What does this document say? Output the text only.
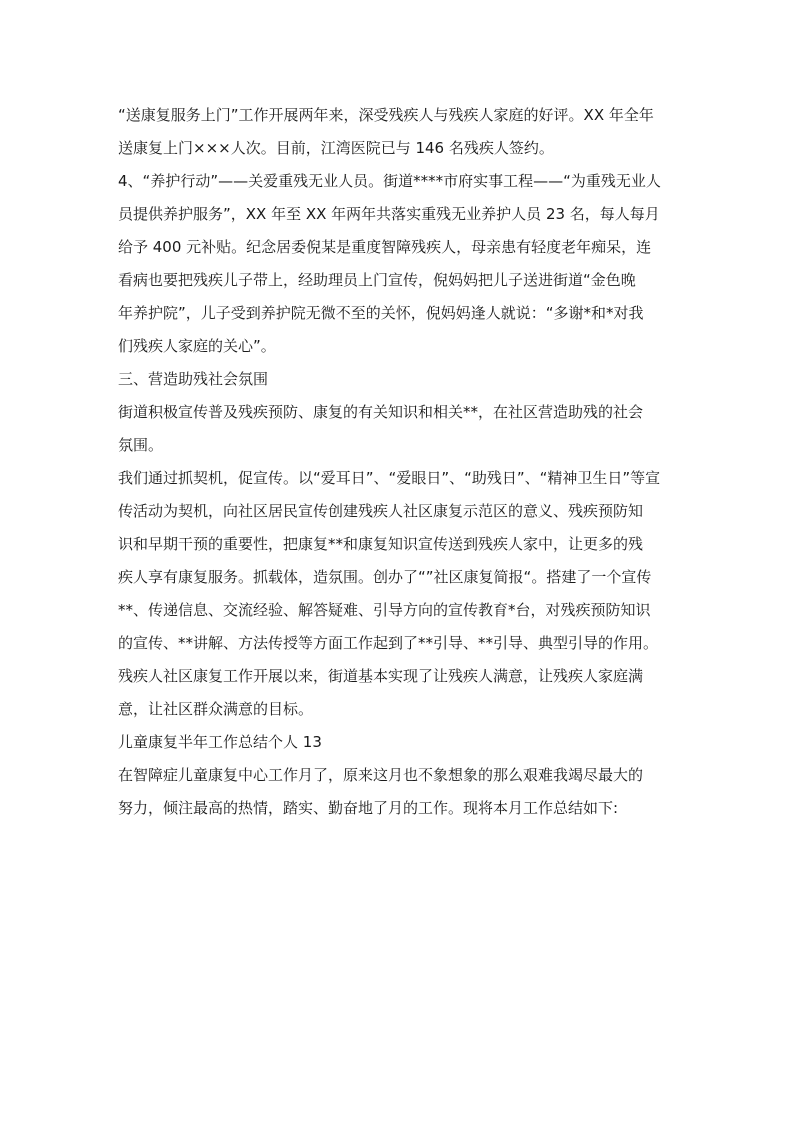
“送康复服务上门”工作开展两年来，深受残疾人与残疾人家庭的好评。XX 年全年

送康复上门×××人次。目前，江湾医院已与 146 名残疾人签约。

4、“养护行动”——关爱重残无业人员。街道****市府实事工程——“为重残无业人

员提供养护服务”，XX 年至 XX 年两年共落实重残无业养护人员 23 名，每人每月

给予 400 元补贴。纪念居委倪某是重度智障残疾人，母亲患有轻度老年痴呆，连

看病也要把残疾儿子带上，经助理员上门宣传，倪妈妈把儿子送进街道“金色晚

年养护院”，儿子受到养护院无微不至的关怀，倪妈妈逢人就说：“多谢*和*对我

们残疾人家庭的关心”。

三、营造助残社会氛围

街道积极宣传普及残疾预防、康复的有关知识和相关**，在社区营造助残的社会

氛围。

我们通过抓契机，促宣传。以“爱耳日”、“爱眼日”、“助残日”、“精神卫生日”等宣

传活动为契机，向社区居民宣传创建残疾人社区康复示范区的意义、残疾预防知

识和早期干预的重要性，把康复**和康复知识宣传送到残疾人家中，让更多的残

疾人享有康复服务。抓载体，造氛围。创办了“”社区康复简报“。搭建了一个宣传

**、传递信息、交流经验、解答疑难、引导方向的宣传教育*台，对残疾预防知识

的宣传、**讲解、方法传授等方面工作起到了**引导、**引导、典型引导的作用。

残疾人社区康复工作开展以来，街道基本实现了让残疾人满意，让残疾人家庭满

意，让社区群众满意的目标。

儿童康复半年工作总结个人 13

在智障症儿童康复中心工作月了，原来这月也不象想象的那么艰难我竭尽最大的

努力，倾注最高的热情，踏实、勤奋地了月的工作。现将本月工作总结如下:
